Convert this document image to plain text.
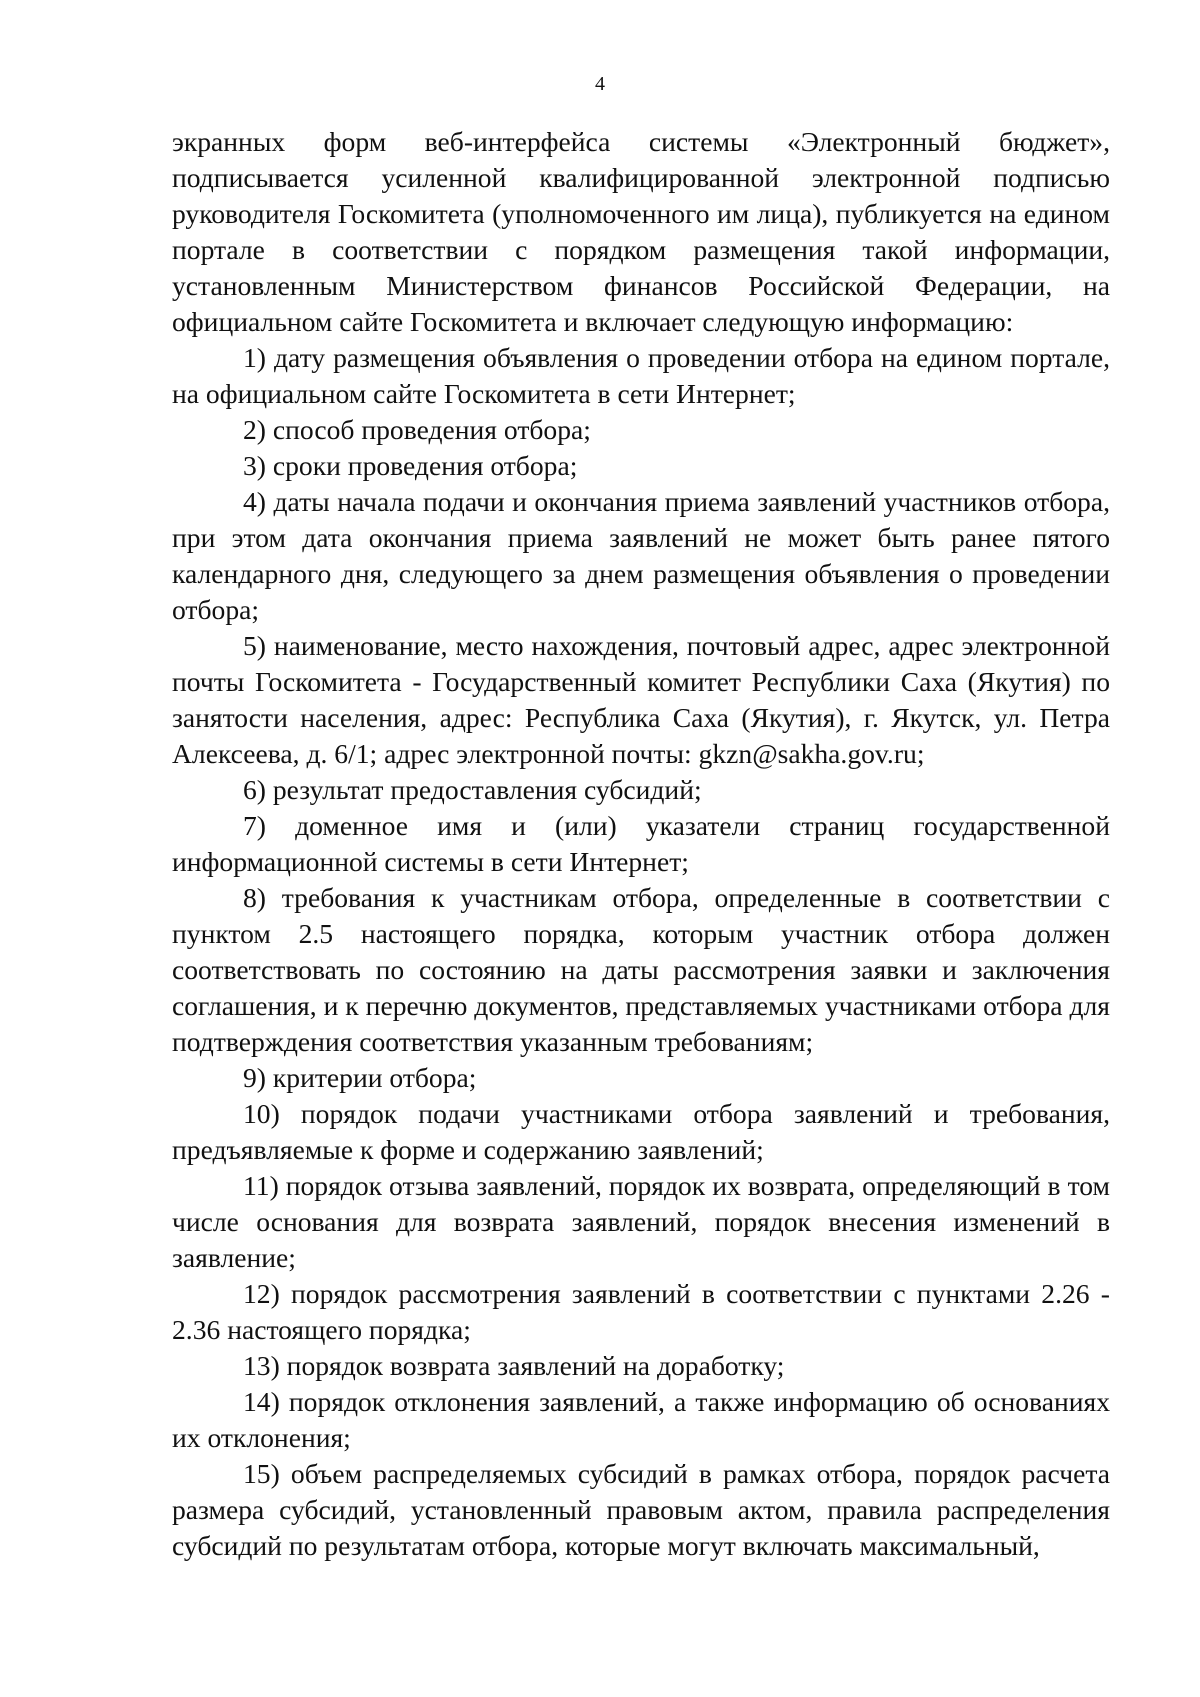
4

экранных форм веб-интерфейса системы «Электронный бюджет», подписывается усиленной квалифицированной электронной подписью руководителя Госкомитета (уполномоченного им лица), публикуется на едином портале в соответствии с порядком размещения такой информации, установленным Министерством финансов Российской Федерации, на официальном сайте Госкомитета и включает следующую информацию:

1) дату размещения объявления о проведении отбора на едином портале, на официальном сайте Госкомитета в сети Интернет;

2) способ проведения отбора;

3) сроки проведения отбора;

4) даты начала подачи и окончания приема заявлений участников отбора, при этом дата окончания приема заявлений не может быть ранее пятого календарного дня, следующего за днем размещения объявления о проведении отбора;

5) наименование, место нахождения, почтовый адрес, адрес электронной почты Госкомитета - Государственный комитет Республики Саха (Якутия) по занятости населения, адрес: Республика Саха (Якутия), г. Якутск, ул. Петра Алексеева, д. 6/1; адрес электронной почты: gkzn@sakha.gov.ru;

6) результат предоставления субсидий;

7) доменное имя и (или) указатели страниц государственной информационной системы в сети Интернет;

8) требования к участникам отбора, определенные в соответствии с пунктом 2.5 настоящего порядка, которым участник отбора должен соответствовать по состоянию на даты рассмотрения заявки и заключения соглашения, и к перечню документов, представляемых участниками отбора для подтверждения соответствия указанным требованиям;

9) критерии отбора;

10) порядок подачи участниками отбора заявлений и требования, предъявляемые к форме и содержанию заявлений;

11) порядок отзыва заявлений, порядок их возврата, определяющий в том числе основания для возврата заявлений, порядок внесения изменений в заявление;

12) порядок рассмотрения заявлений в соответствии с пунктами 2.26 - 2.36 настоящего порядка;

13) порядок возврата заявлений на доработку;

14) порядок отклонения заявлений, а также информацию об основаниях их отклонения;

15) объем распределяемых субсидий в рамках отбора, порядок расчета размера субсидий, установленный правовым актом, правила распределения субсидий по результатам отбора, которые могут включать максимальный,
